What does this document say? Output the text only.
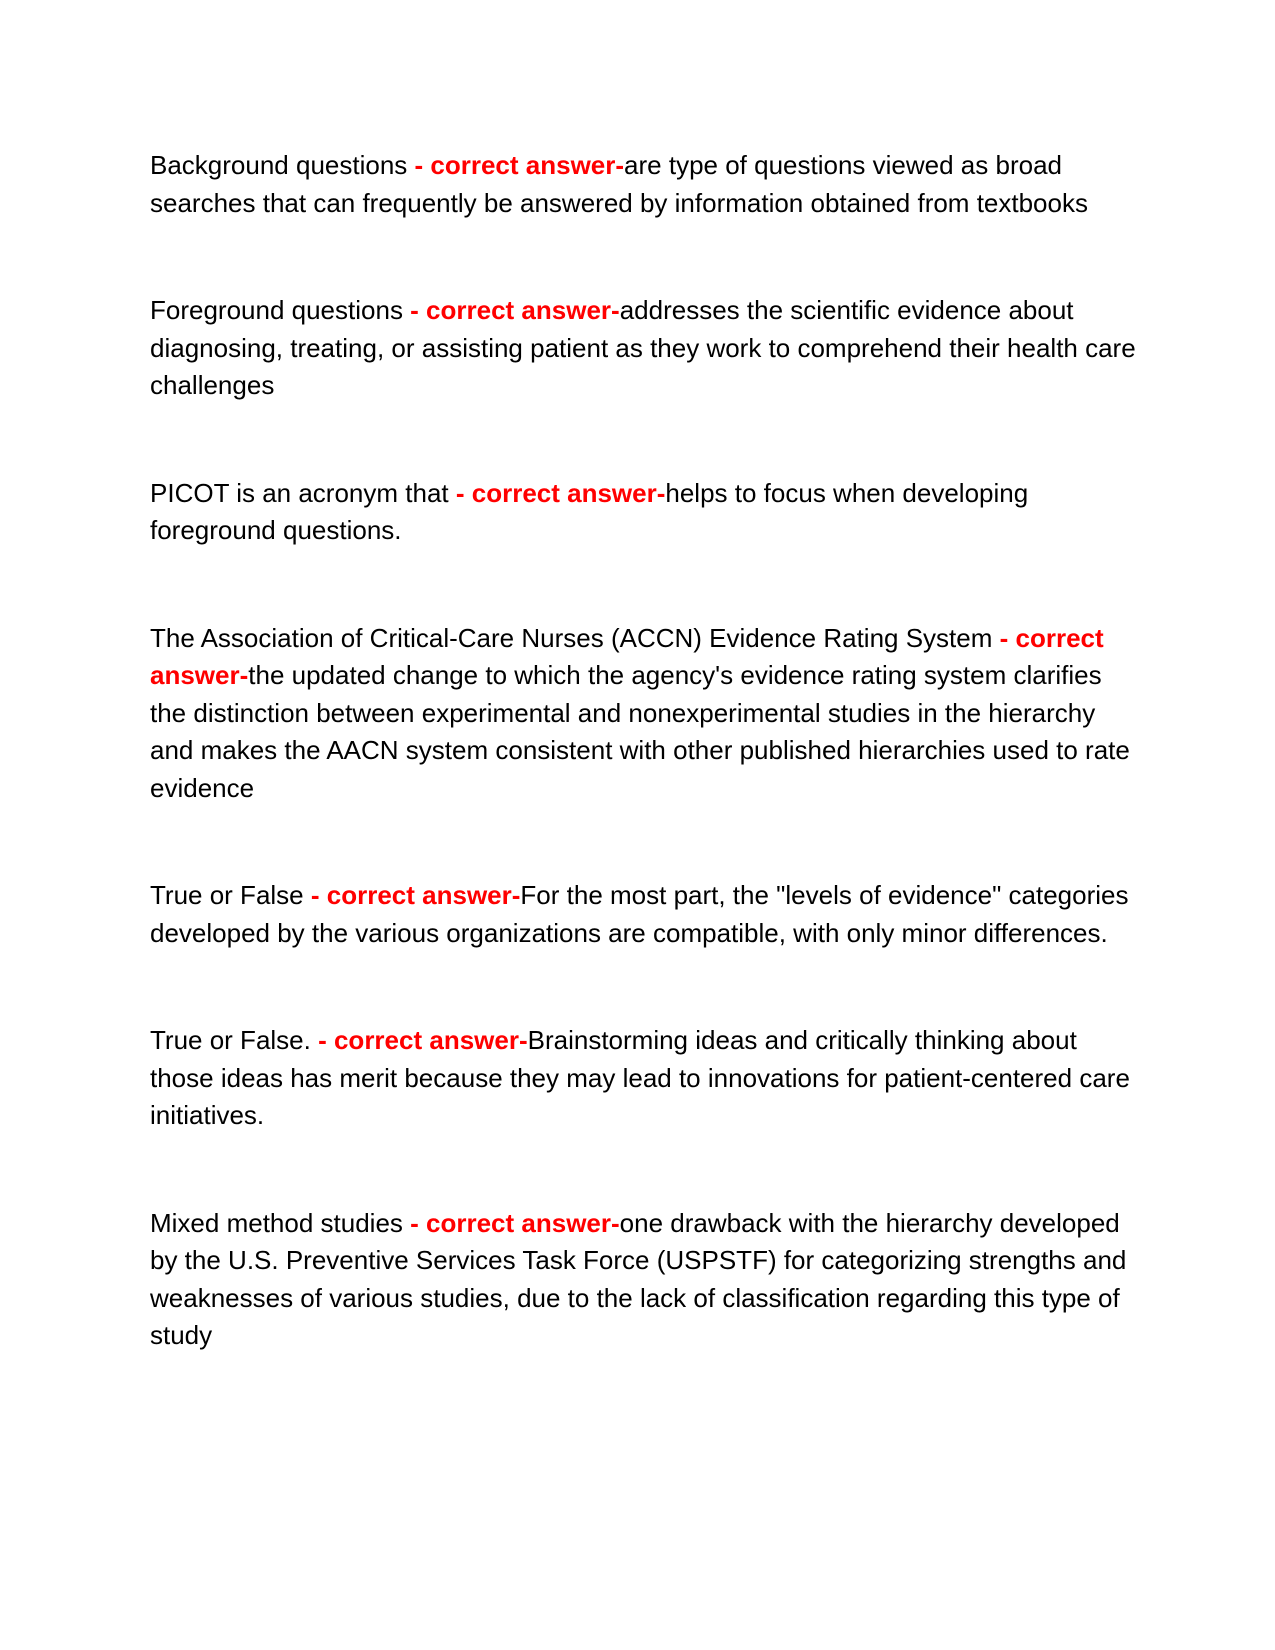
Background questions - correct answer-are type of questions viewed as broad searches that can frequently be answered by information obtained from textbooks

Foreground questions - correct answer-addresses the scientific evidence about diagnosing, treating, or assisting patient as they work to comprehend their health care challenges

PICOT is an acronym that - correct answer-helps to focus when developing foreground questions.

The Association of Critical-Care Nurses (ACCN) Evidence Rating System - correct answer-the updated change to which the agency's evidence rating system clarifies the distinction between experimental and nonexperimental studies in the hierarchy and makes the AACN system consistent with other published hierarchies used to rate evidence

True or False - correct answer-For the most part, the "levels of evidence" categories developed by the various organizations are compatible, with only minor differences.

True or False. - correct answer-Brainstorming ideas and critically thinking about those ideas has merit because they may lead to innovations for patient-centered care initiatives.

Mixed method studies - correct answer-one drawback with the hierarchy developed by the U.S. Preventive Services Task Force (USPSTF) for categorizing strengths and weaknesses of various studies, due to the lack of classification regarding this type of study
